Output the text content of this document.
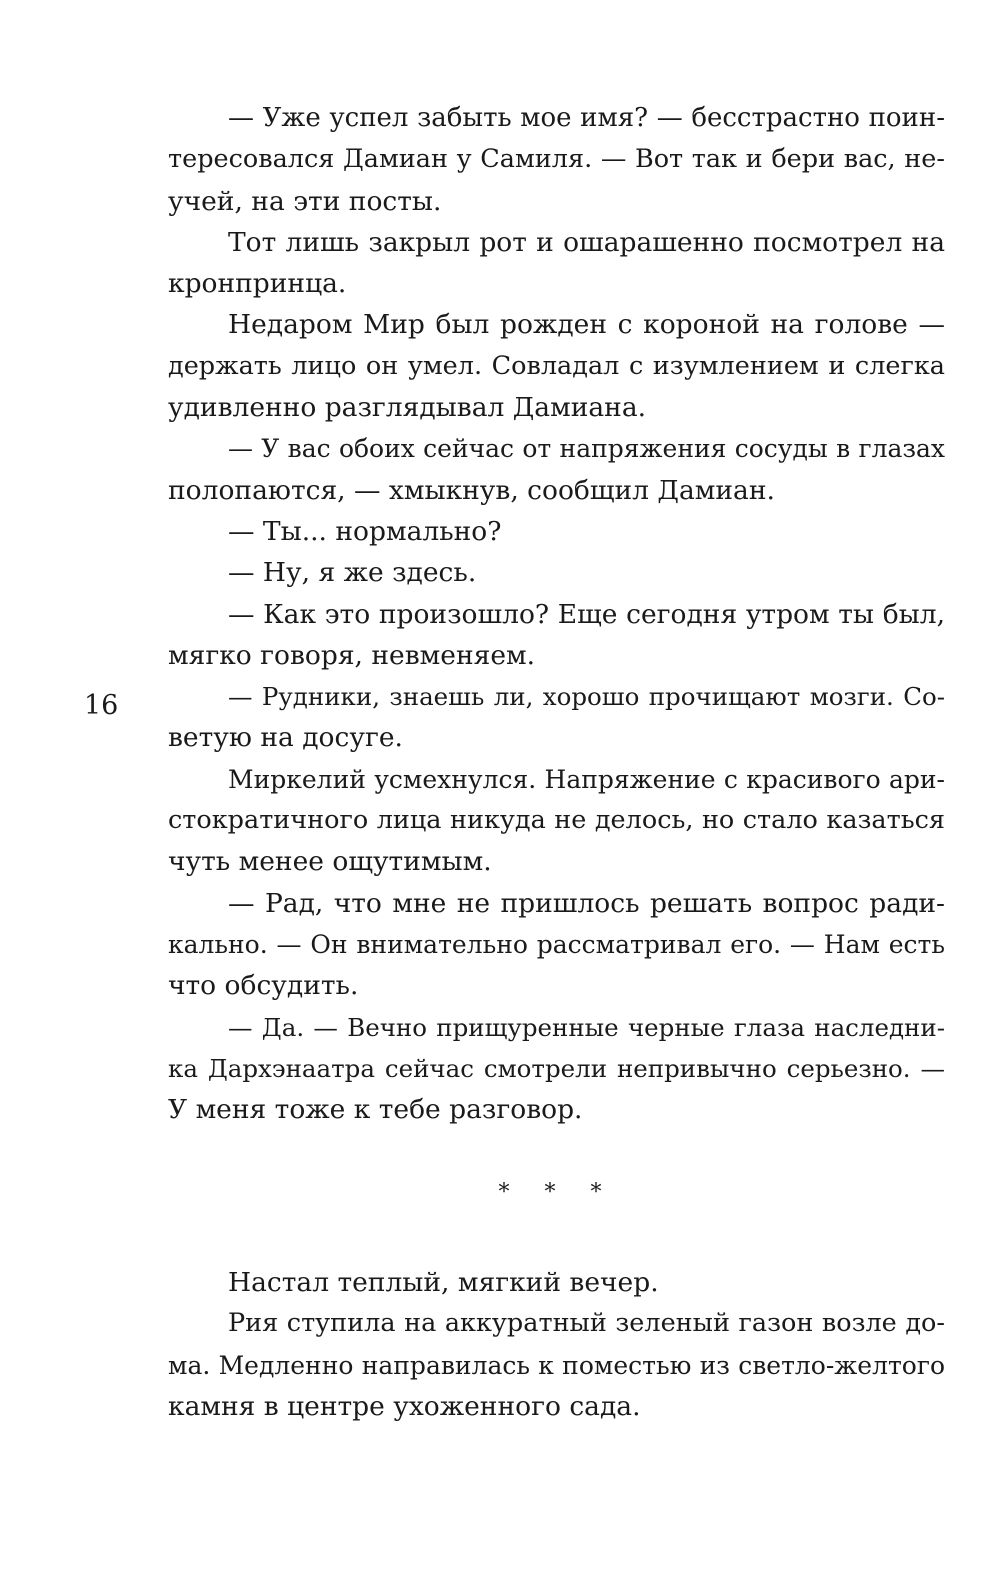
16
— Уже успел забыть мое имя? — бесстрастно поин-
тересовался Дамиан у Самиля. — Вот так и бери вас, не-
учей, на эти посты.
Тот лишь закрыл рот и ошарашенно посмотрел на
кронпринца.
Недаром Мир был рожден с короной на голове —
держать лицо он умел. Совладал с изумлением и слегка
удивленно разглядывал Дамиана.
— У вас обоих сейчас от напряжения сосуды в глазах
полопаются, — хмыкнув, сообщил Дамиан.
— Ты... нормально?
— Ну, я же здесь.
— Как это произошло? Еще сегодня утром ты был,
мягко говоря, невменяем.
— Рудники, знаешь ли, хорошо прочищают мозги. Со-
ветую на досуге.
Миркелий усмехнулся. Напряжение с красивого ари-
стократичного лица никуда не делось, но стало казаться
чуть менее ощутимым.
— Рад, что мне не пришлось решать вопрос ради-
кально. — Он внимательно рассматривал его. — Нам есть
что обсудить.
— Да. — Вечно прищуренные черные глаза наследни-
ка Дархэнаатра сейчас смотрели непривычно серьезно. —
У меня тоже к тебе разговор.
* * *
Настал теплый, мягкий вечер.
Рия ступила на аккуратный зеленый газон возле до-
ма. Медленно направилась к поместью из светло-желтого
камня в центре ухоженного сада.
